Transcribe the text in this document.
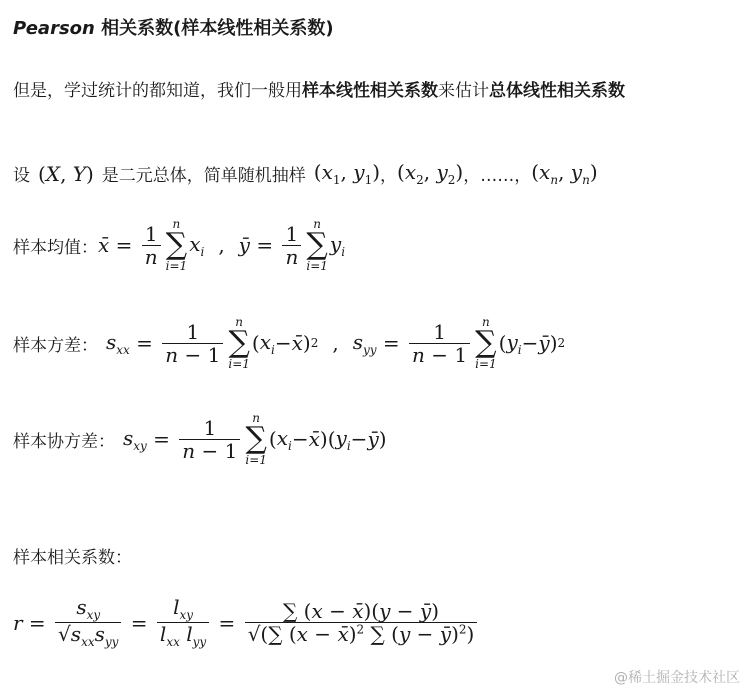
Pearson 相关系数(样本线性相关系数)
但是，学过统计的都知道，我们一般用样本线性相关系数来估计总体线性相关系数
设 (X, Y) 是二元总体，简单随机抽样 ($x_1$, $y_1$) ， ($x_2$, $y_2$) ， ……， ($x_n$, $y_n$)
样本均值： x̄ = $\frac{1}{n}$ n
∑
i=1
$x_i$ , ȳ = $\frac{1}{n}$ n
∑
i=1
$y_i$
样本方差： $s_{xx} = \frac{1}{n - 1}$ n
∑
i=1
( $x_i$ − x̄ ) 2 , $s_{yy} = \frac{1}{n - 1}$ n
∑
i=1
( $y_i$ − ȳ ) 2
样本协方差： $s_{xy} = \frac{1}{n - 1}$ n
∑
i=1
( $x_i$ − x̄ )( $y_i$ − ȳ )
样本相关系数：
$r = \frac{s_{xy}}{√s_{xx}s_{yy}} = \frac{l_{xy}}{l_{xx} l_{yy}} = \frac{\sum (x - x̄)(y - ȳ)}{√(\sum (x - x̄)^2 \sum (y - ȳ)^2)}$
@稀土掘金技术社区
